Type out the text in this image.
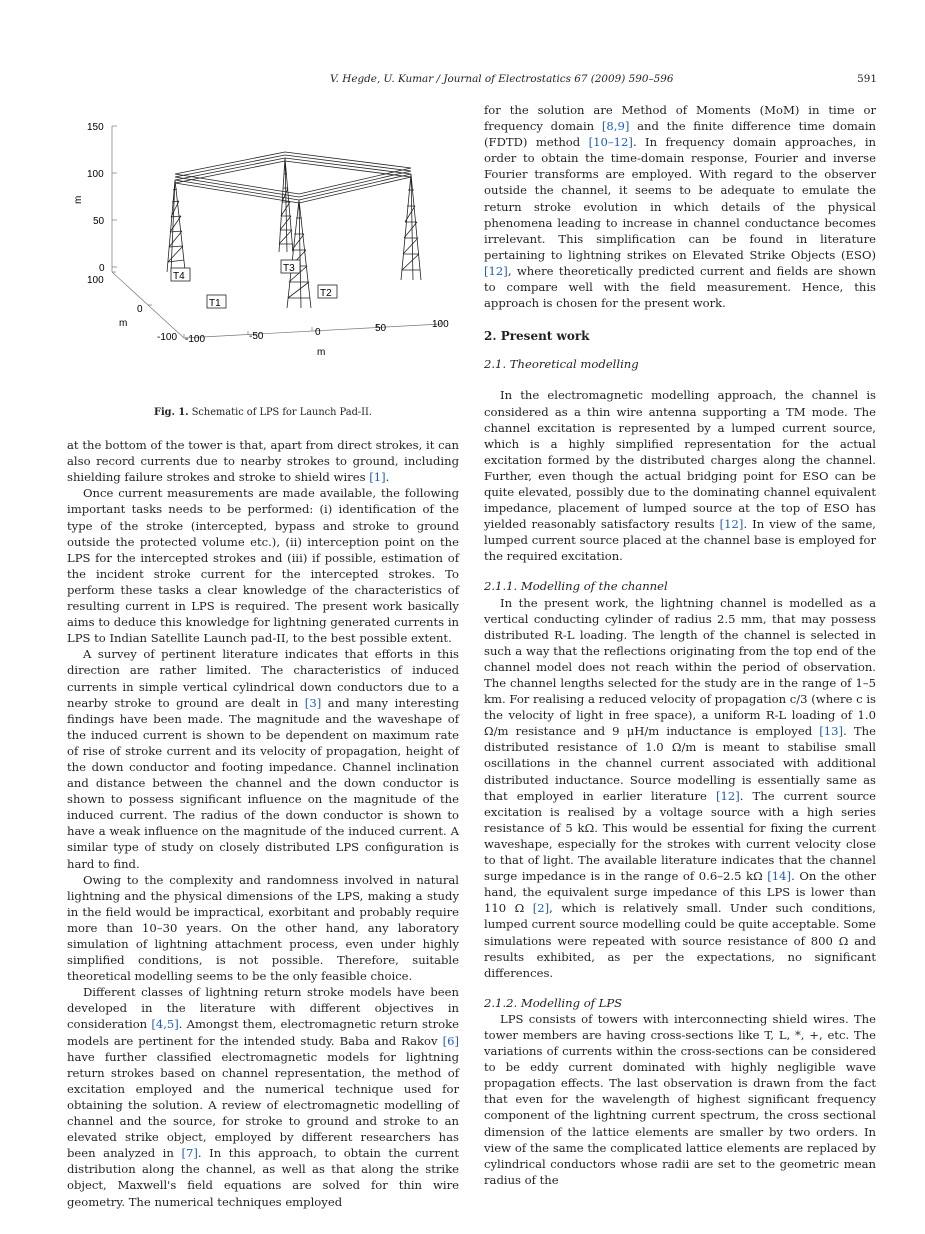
V. Hegde, U. Kumar / Journal of Electrostatics 67 (2009) 590–596	591
150
100
50
0
m
100
0
-100
m
-100	-50	0	50	100
m
T4
T1
T3
T2
Fig. 1. Schematic of LPS for Launch Pad-II.

at the bottom of the tower is that, apart from direct strokes, it can also record currents due to nearby strokes to ground, including shielding failure strokes and stroke to shield wires [1].

Once current measurements are made available, the following important tasks needs to be performed: (i) identification of the type of the stroke (intercepted, bypass and stroke to ground outside the protected volume etc.), (ii) interception point on the LPS for the intercepted strokes and (iii) if possible, estimation of the incident stroke current for the intercepted strokes. To perform these tasks a clear knowledge of the characteristics of resulting current in LPS is required. The present work basically aims to deduce this knowledge for lightning generated currents in LPS to Indian Satellite Launch pad-II, to the best possible extent.

A survey of pertinent literature indicates that efforts in this direction are rather limited. The characteristics of induced currents in simple vertical cylindrical down conductors due to a nearby stroke to ground are dealt in [3] and many interesting findings have been made. The magnitude and the waveshape of the induced current is shown to be dependent on maximum rate of rise of stroke current and its velocity of propagation, height of the down conductor and footing impedance. Channel inclination and distance between the channel and the down conductor is shown to possess significant influence on the magnitude of the induced current. The radius of the down conductor is shown to have a weak influence on the magnitude of the induced current. A similar type of study on closely distributed LPS configuration is hard to find.

Owing to the complexity and randomness involved in natural lightning and the physical dimensions of the LPS, making a study in the field would be impractical, exorbitant and probably require more than 10–30 years. On the other hand, any laboratory simulation of lightning attachment process, even under highly simplified conditions, is not possible. Therefore, suitable theoretical modelling seems to be the only feasible choice.

Different classes of lightning return stroke models have been developed in the literature with different objectives in consideration [4,5]. Amongst them, electromagnetic return stroke models are pertinent for the intended study. Baba and Rakov [6] have further classified electromagnetic models for lightning return strokes based on channel representation, the method of excitation employed and the numerical technique used for obtaining the solution. A review of electromagnetic modelling of channel and the source, for stroke to ground and stroke to an elevated strike object, employed by different researchers has been analyzed in [7]. In this approach, to obtain the current distribution along the channel, as well as that along the strike object, Maxwell's field equations are solved for thin wire geometry. The numerical techniques employed

for the solution are Method of Moments (MoM) in time or frequency domain [8,9] and the finite difference time domain (FDTD) method [10–12]. In frequency domain approaches, in order to obtain the time-domain response, Fourier and inverse Fourier transforms are employed. With regard to the observer outside the channel, it seems to be adequate to emulate the return stroke evolution in which details of the physical phenomena leading to increase in channel conductance becomes irrelevant. This simplification can be found in literature pertaining to lightning strikes on Elevated Strike Objects (ESO) [12], where theoretically predicted current and fields are shown to compare well with the field measurement. Hence, this approach is chosen for the present work.

2. Present work
2.1. Theoretical modelling

In the electromagnetic modelling approach, the channel is considered as a thin wire antenna supporting a TM mode. The channel excitation is represented by a lumped current source, which is a highly simplified representation for the actual excitation formed by the distributed charges along the channel. Further, even though the actual bridging point for ESO can be quite elevated, possibly due to the dominating channel equivalent impedance, placement of lumped source at the top of ESO has yielded reasonably satisfactory results [12]. In view of the same, lumped current source placed at the channel base is employed for the required excitation.

2.1.1. Modelling of the channel

In the present work, the lightning channel is modelled as a vertical conducting cylinder of radius 2.5 mm, that may possess distributed R-L loading. The length of the channel is selected in such a way that the reflections originating from the top end of the channel model does not reach within the period of observation. The channel lengths selected for the study are in the range of 1–5 km. For realising a reduced velocity of propagation c/3 (where c is the velocity of light in free space), a uniform R-L loading of 1.0 Ω/m resistance and 9 μH/m inductance is employed [13]. The distributed resistance of 1.0 Ω/m is meant to stabilise small oscillations in the channel current associated with additional distributed inductance. Source modelling is essentially same as that employed in earlier literature [12]. The current source excitation is realised by a voltage source with a high series resistance of 5 kΩ. This would be essential for fixing the current waveshape, especially for the strokes with current velocity close to that of light. The available literature indicates that the channel surge impedance is in the range of 0.6–2.5 kΩ [14]. On the other hand, the equivalent surge impedance of this LPS is lower than 110 Ω [2], which is relatively small. Under such conditions, lumped current source modelling could be quite acceptable. Some simulations were repeated with source resistance of 800 Ω and results exhibited, as per the expectations, no significant differences.

2.1.2. Modelling of LPS

LPS consists of towers with interconnecting shield wires. The tower members are having cross-sections like T, L, *, +, etc. The variations of currents within the cross-sections can be considered to be eddy current dominated with highly negligible wave propagation effects. The last observation is drawn from the fact that even for the wavelength of highest significant frequency component of the lightning current spectrum, the cross sectional dimension of the lattice elements are smaller by two orders. In view of the same the complicated lattice elements are replaced by cylindrical conductors whose radii are set to the geometric mean radius of the
